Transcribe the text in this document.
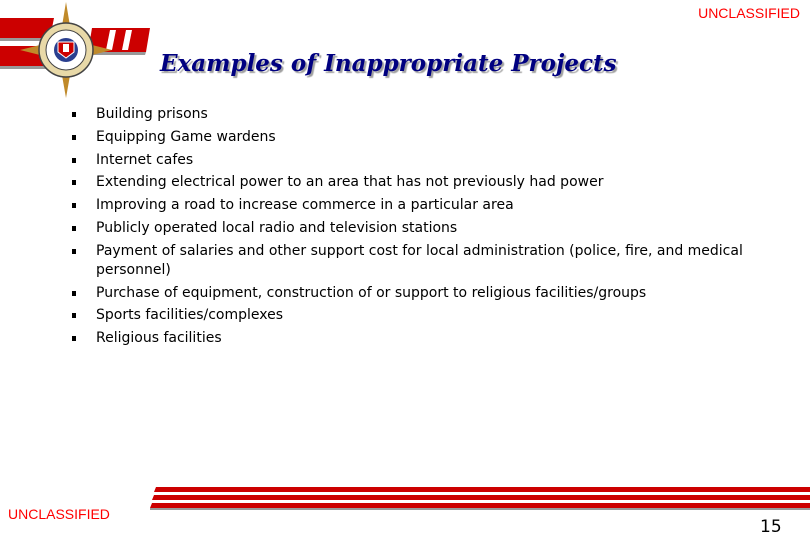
UNCLASSIFIED
Examples of Inappropriate Projects
Building prisons
Equipping Game wardens
Internet cafes
Extending electrical power to an area that has not previously had power
Improving a road to increase commerce in a particular area
Publicly operated local radio and television stations
Payment of salaries and other support cost for local administration (police, fire, and medical personnel)
Purchase of equipment, construction of or support to religious facilities/groups
Sports facilities/complexes
Religious facilities
UNCLASSIFIED
15
